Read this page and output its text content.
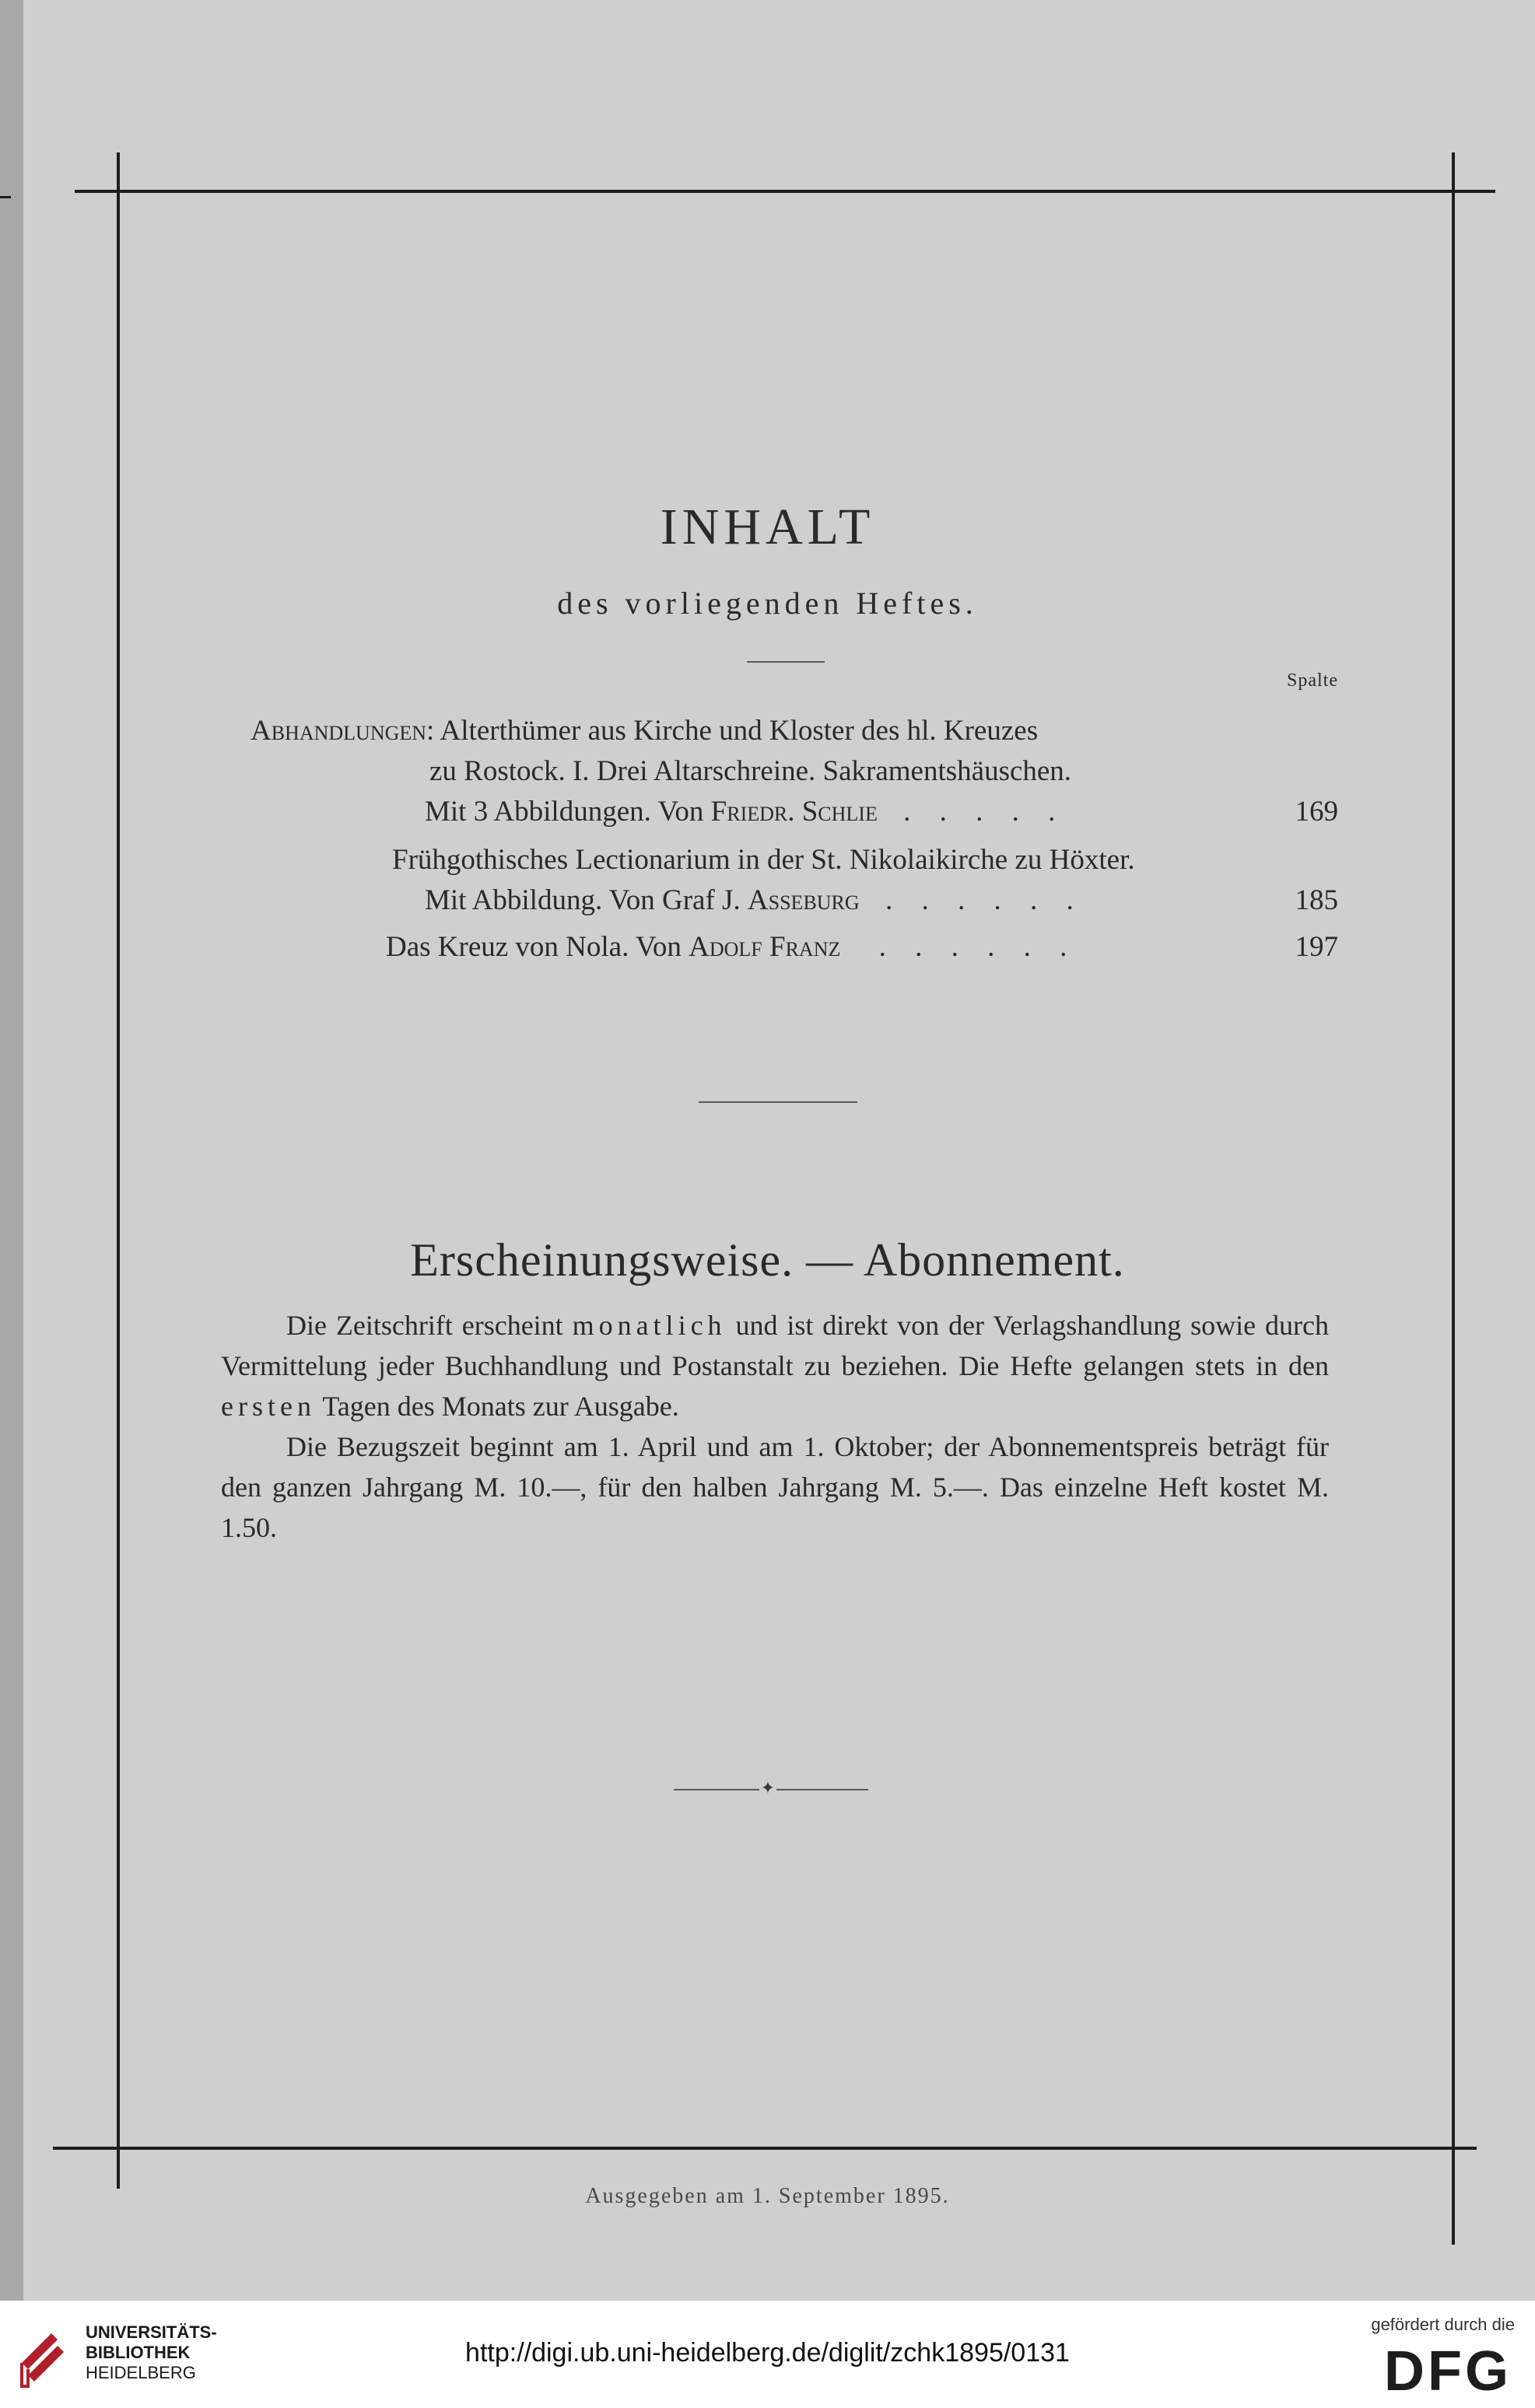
INHALT
des vorliegenden Heftes.
Spalte
Abhandlungen: Alterthümer aus Kirche und Kloster des hl. Kreuzes
zu Rostock. I. Drei Altarschreine. Sakramentshäuschen.
Mit 3 Abbildungen. Von Friedr. Schlie . . . . .	169
Frühgothisches Lectionarium in der St. Nikolaikirche zu Höxter.
Mit Abbildung. Von Graf J. Asseburg . . . . . .	185
Das Kreuz von Nola. Von Adolf Franz . . . . . .	197
Erscheinungsweise. — Abonnement.

Die Zeitschrift erscheint monatlich und ist direkt von der Verlagshandlung sowie durch Vermittelung jeder Buchhandlung und Postanstalt zu beziehen. Die Hefte gelangen stets in den ersten Tagen des Monats zur Ausgabe.

Die Bezugszeit beginnt am 1. April und am 1. Oktober; der Abonnementspreis beträgt für den ganzen Jahrgang M. 10.—, für den halben Jahrgang M. 5.—. Das einzelne Heft kostet M. 1.50.

✦
Ausgegeben am 1. September 1895.
UNIVERSITÄTS-
BIBLIOTHEK
HEIDELBERG
http://digi.ub.uni-heidelberg.de/diglit/zchk1895/0131
gefördert durch die
DFG
